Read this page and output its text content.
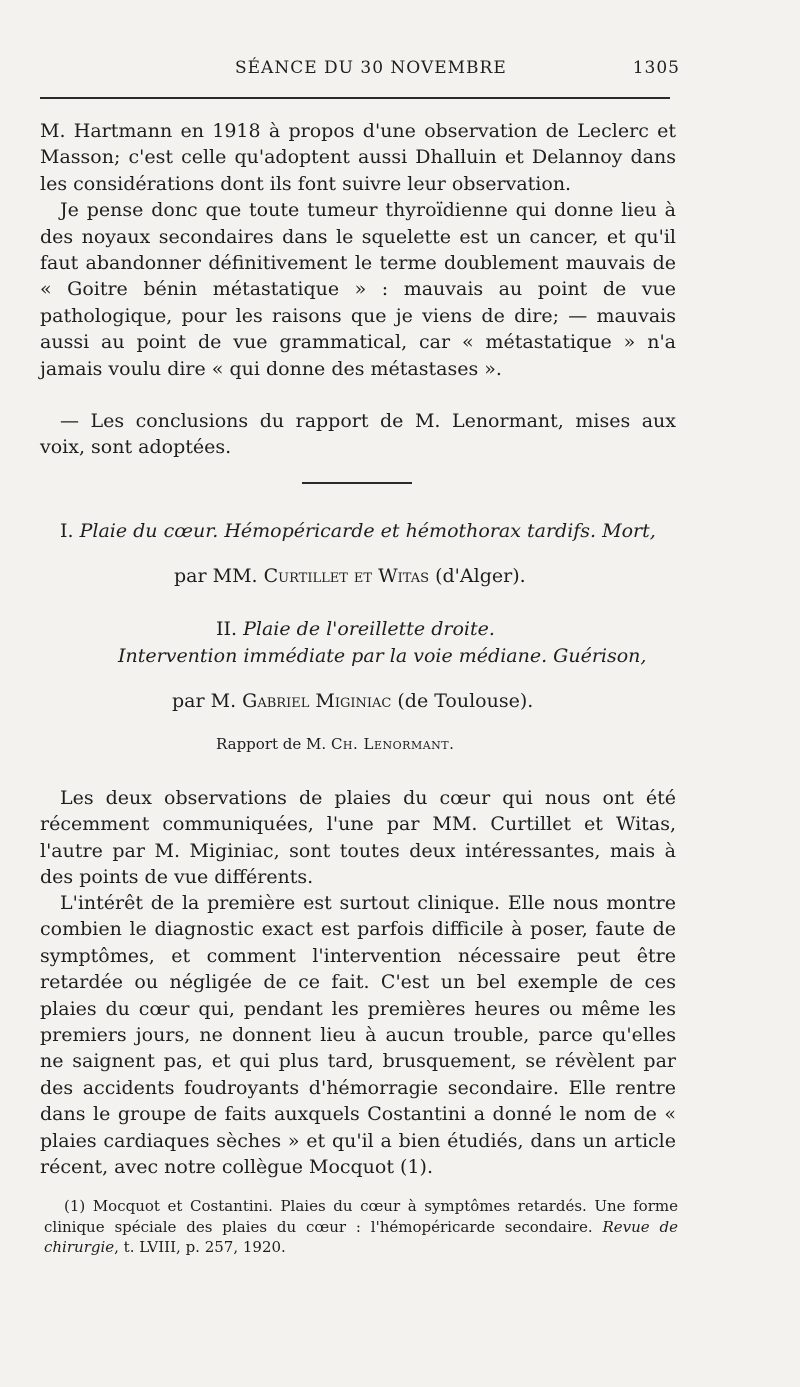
SÉANCE DU 30 NOVEMBRE	1305

M. Hartmann en 1918 à propos d'une observation de Leclerc et Masson; c'est celle qu'adoptent aussi Dhalluin et Delannoy dans les considérations dont ils font suivre leur observation.

Je pense donc que toute tumeur thyroïdienne qui donne lieu à des noyaux secondaires dans le squelette est un cancer, et qu'il faut abandonner définitivement le terme doublement mauvais de « Goitre bénin métastatique » : mauvais au point de vue pathologique, pour les raisons que je viens de dire; — mauvais aussi au point de vue grammatical, car « métastatique » n'a jamais voulu dire « qui donne des métastases ».

— Les conclusions du rapport de M. Lenormant, mises aux voix, sont adoptées.

I. Plaie du cœur. Hémopéricarde et hémothorax tardifs. Mort,
par MM. Curtillet et Witas (d'Alger).
II. Plaie de l'oreillette droite.
Intervention immédiate par la voie médiane. Guérison,
par M. Gabriel Miginiac (de Toulouse).
Rapport de M. Ch. Lenormant.

Les deux observations de plaies du cœur qui nous ont été récemment communiquées, l'une par MM. Curtillet et Witas, l'autre par M. Miginiac, sont toutes deux intéressantes, mais à des points de vue différents.

L'intérêt de la première est surtout clinique. Elle nous montre combien le diagnostic exact est parfois difficile à poser, faute de symptômes, et comment l'intervention nécessaire peut être retardée ou négligée de ce fait. C'est un bel exemple de ces plaies du cœur qui, pendant les premières heures ou même les premiers jours, ne donnent lieu à aucun trouble, parce qu'elles ne saignent pas, et qui plus tard, brusquement, se révèlent par des accidents foudroyants d'hémorragie secondaire. Elle rentre dans le groupe de faits auxquels Costantini a donné le nom de « plaies cardiaques sèches » et qu'il a bien étudiés, dans un article récent, avec notre collègue Mocquot (1).

(1) Mocquot et Costantini. Plaies du cœur à symptômes retardés. Une forme clinique spéciale des plaies du cœur : l'hémopéricarde secondaire. Revue de chirurgie, t. LVIII, p. 257, 1920.
